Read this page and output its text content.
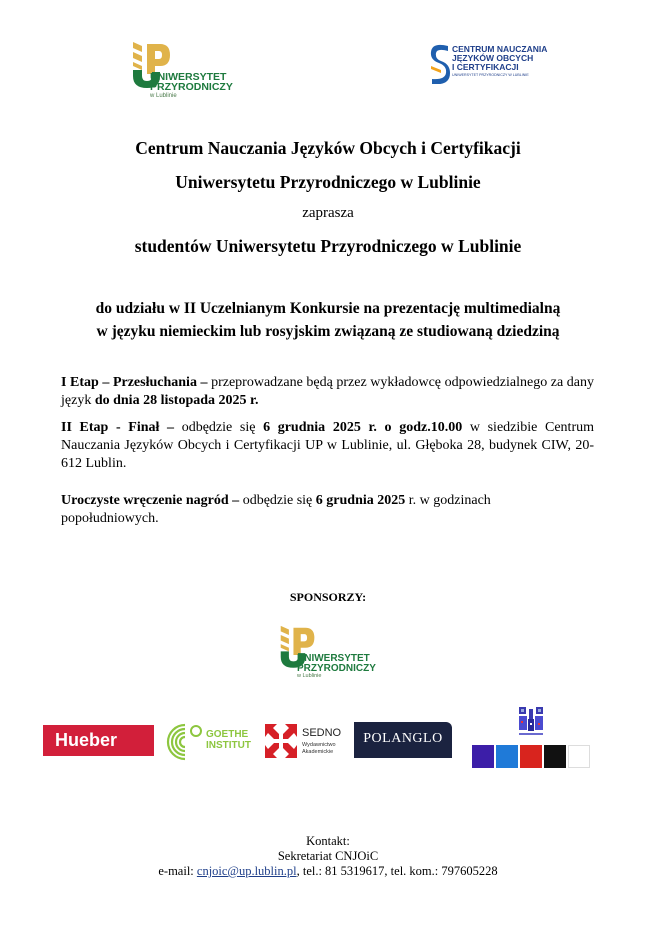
UNIWERSYTET
PRZYRODNICZY
w Lublinie
CENTRUM NAUCZANIA
JĘZYKÓW OBCYCH
I CERTYFIKACJI
UNIWERSYTET PRZYRODNICZY W LUBLINIE
Centrum Nauczania Języków Obcych i Certyfikacji
Uniwersytetu Przyrodniczego w Lublinie
zaprasza
studentów Uniwersytetu Przyrodniczego w Lublinie
do udziału w II Uczelnianym Konkursie na prezentację multimedialną
w języku niemieckim lub rosyjskim związaną ze studiowaną dziedziną
I Etap – Przesłuchania – przeprowadzane będą przez wykładowcę odpowiedzialnego za dany język do dnia 28 listopada 2025 r.
II Etap - Finał – odbędzie się 6 grudnia 2025 r. o godz.10.00 w siedzibie Centrum Nauczania Języków Obcych i Certyfikacji UP w Lublinie, ul. Głęboka 28, budynek CIW, 20-612 Lublin.
Uroczyste wręczenie nagród – odbędzie się 6 grudnia 2025 r. w godzinach popołudniowych.
SPONSORZY:
UNIWERSYTET
PRZYRODNICZY
w Lublinie
Hueber	GOETHE
INSTITUT
SEDNO
Wydawnictwo
Akademickie
POLANGLO
Kontakt:
Sekretariat CNJOiC
e-mail: cnjoic@up.lublin.pl, tel.: 81 5319617, tel. kom.: 797605228
